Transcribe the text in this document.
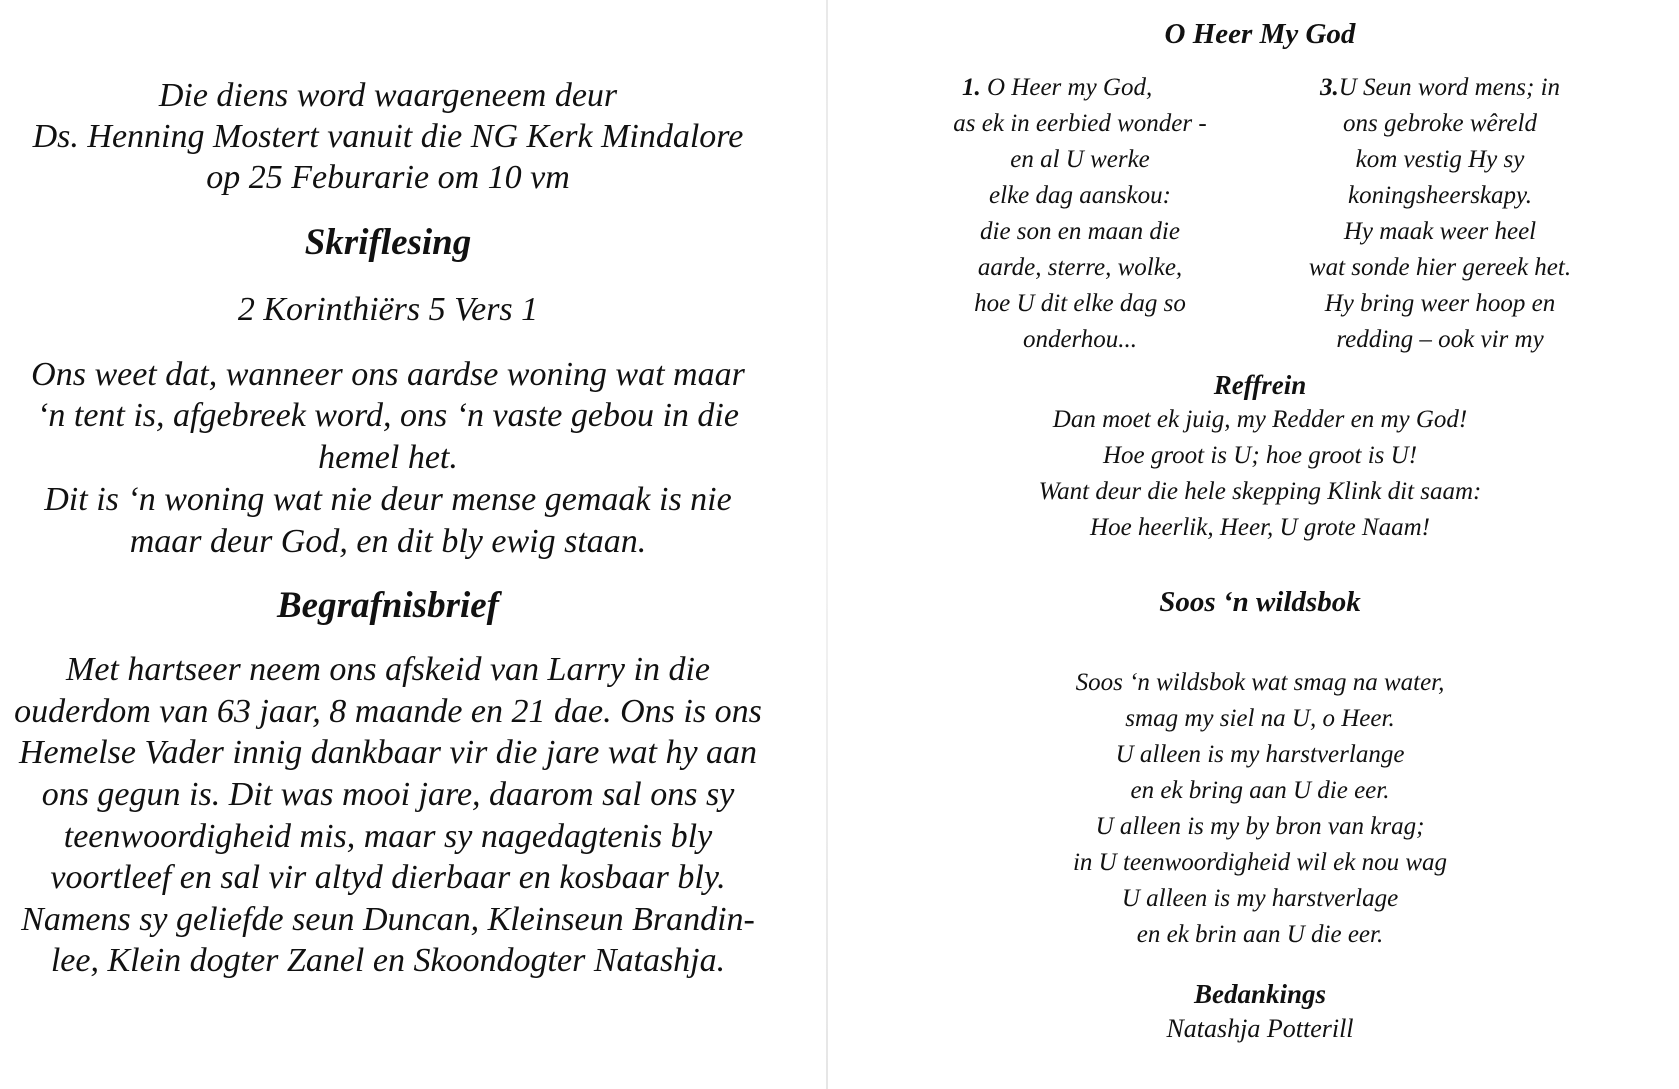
Die diens word waargeneem deur
Ds. Henning Mostert vanuit die NG Kerk Mindalore
op 25 Feburarie om 10 vm
Skriflesing
2 Korinthiërs 5 Vers 1
Ons weet dat, wanneer ons aardse woning wat maar
‘n tent is, afgebreek word, ons ‘n vaste gebou in die
hemel het.
Dit is ‘n woning wat nie deur mense gemaak is nie
maar deur God, en dit bly ewig staan.
Begrafnisbrief
Met hartseer neem ons afskeid van Larry in die
ouderdom van 63 jaar, 8 maande en 21 dae. Ons is ons
Hemelse Vader innig dankbaar vir die jare wat hy aan
ons gegun is. Dit was mooi jare, daarom sal ons sy
teenwoordigheid mis, maar sy nagedagtenis bly
voortleef en sal vir altyd dierbaar en kosbaar bly.
Namens sy geliefde seun Duncan, Kleinseun Brandin-
lee, Klein dogter Zanel en Skoondogter Natashja.
O Heer My God
1. O Heer my God,
as ek in eerbied wonder -
en al U werke
elke dag aanskou:
die son en maan die
aarde, sterre, wolke,
hoe U dit elke dag so
onderhou...
3.U Seun word mens; in
ons gebroke wêreld
kom vestig Hy sy
koningsheerskapy.
Hy maak weer heel
wat sonde hier gereek het.
Hy bring weer hoop en
redding – ook vir my
Reffrein
Dan moet ek juig, my Redder en my God!
Hoe groot is U; hoe groot is U!
Want deur die hele skepping Klink dit saam:
Hoe heerlik, Heer, U grote Naam!
Soos ‘n wildsbok
Soos ‘n wildsbok wat smag na water,
smag my siel na U, o Heer.
U alleen is my harstverlange
en ek bring aan U die eer.
U alleen is my by bron van krag;
in U teenwoordigheid wil ek nou wag
U alleen is my harstverlage
en ek brin aan U die eer.
Bedankings
Natashja Potterill
